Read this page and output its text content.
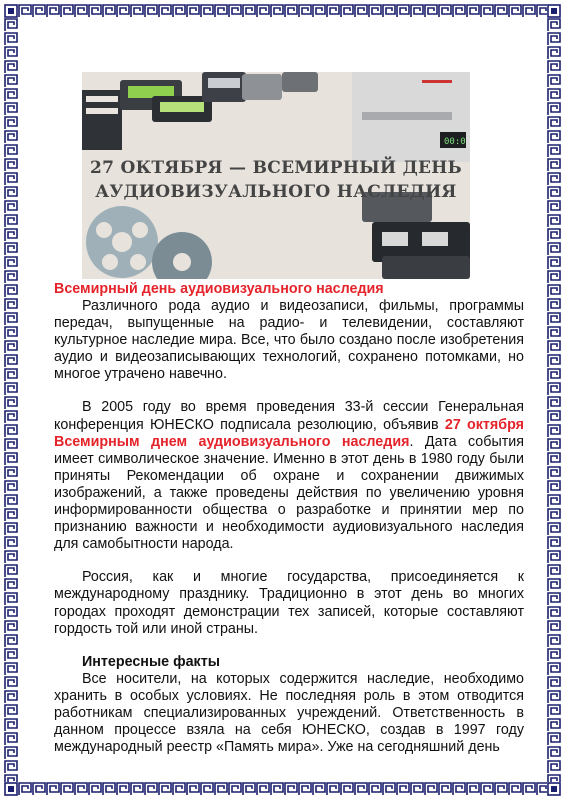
00:0
27 ОКТЯБРЯ — ВСЕМИРНЫЙ ДЕНЬ
АУДИОВИЗУАЛЬНОГО НАСЛЕДИЯ
Всемирный день аудиовизуального наследия

Различного рода аудио и видеозаписи, фильмы, программы передач, выпущенные на радио- и телевидении, составляют культурное наследие мира. Все, что было создано после изобретения аудио и видеозаписывающих технологий, сохранено потомками, но многое утрачено навечно.

В 2005 году во время проведения 33-й сессии Генеральная конференция ЮНЕСКО подписала резолюцию, объявив 27 октября Всемирным днем аудиовизуального наследия. Дата события имеет символическое значение. Именно в этот день в 1980 году были приняты Рекомендации об охране и сохранении движимых изображений, а также проведены действия по увеличению уровня информированности общества о разработке и принятии мер по признанию важности и необходимости аудиовизуального наследия для самобытности народа.

Россия, как и многие государства, присоединяется к международному празднику. Традиционно в этот день во многих городах проходят демонстрации тех записей, которые составляют гордость той или иной страны.

Интересные факты

Все носители, на которых содержится наследие, необходимо хранить в особых условиях. Не последняя роль в этом отводится работникам специализированных учреждений. Ответственность в данном процессе взяла на себя ЮНЕСКО, создав в 1997 году международный реестр «Память мира». Уже на сегодняшний день
